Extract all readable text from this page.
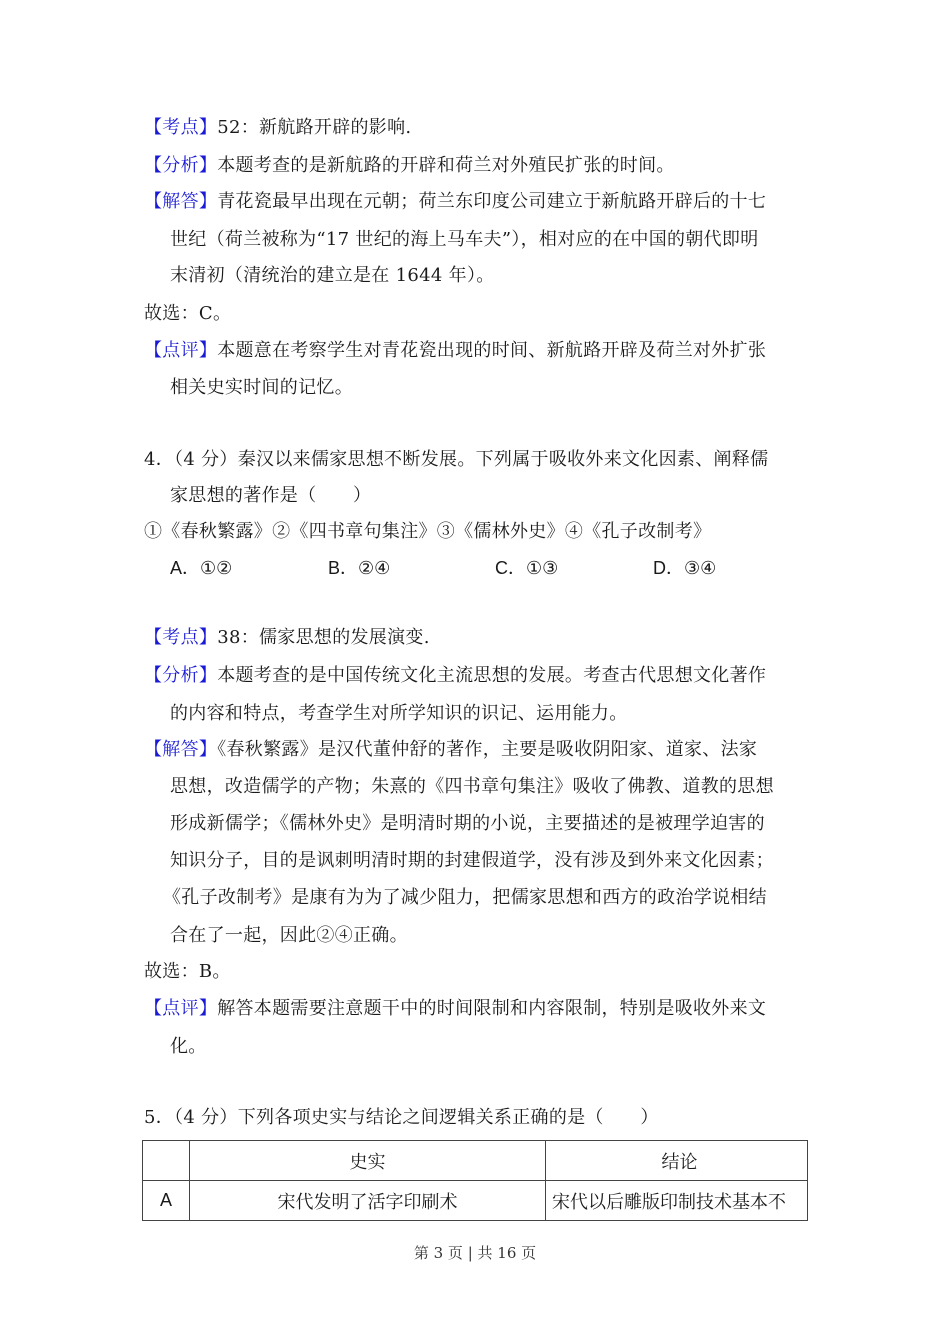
【考点】52：新航路开辟的影响.
【分析】本题考查的是新航路的开辟和荷兰对外殖民扩张的时间。
【解答】青花瓷最早出现在元朝；荷兰东印度公司建立于新航路开辟后的十七
世纪（荷兰被称为“17 世纪的海上马车夫”），相对应的在中国的朝代即明
末清初（清统治的建立是在 1644 年）。
故选：C。
【点评】本题意在考察学生对青花瓷出现的时间、新航路开辟及荷兰对外扩张
相关史实时间的记忆。
4．（4 分）秦汉以来儒家思想不断发展。下列属于吸收外来文化因素、阐释儒
家思想的著作是（　　）
①《春秋繁露》②《四书章句集注》③《儒林外史》④《孔子改制考》
A．①②	B．②④	C．①③	D．③④
【考点】38：儒家思想的发展演变.
【分析】本题考查的是中国传统文化主流思想的发展。考查古代思想文化著作
的内容和特点，考查学生对所学知识的识记、运用能力。
【解答】《春秋繁露》是汉代董仲舒的著作，主要是吸收阴阳家、道家、法家
思想，改造儒学的产物；朱熹的《四书章句集注》吸收了佛教、道教的思想
形成新儒学；《儒林外史》是明清时期的小说，主要描述的是被理学迫害的
知识分子，目的是讽刺明清时期的封建假道学，没有涉及到外来文化因素；
《孔子改制考》是康有为为了减少阻力，把儒家思想和西方的政治学说相结
合在了一起，因此②④正确。
故选：B。
【点评】解答本题需要注意题干中的时间限制和内容限制，特别是吸收外来文
化。
5．（4 分）下列各项史实与结论之间逻辑关系正确的是（　　）
	史实	结论
A	宋代发明了活字印刷术	宋代以后雕版印制技术基本不
第 3 页 | 共 16 页
